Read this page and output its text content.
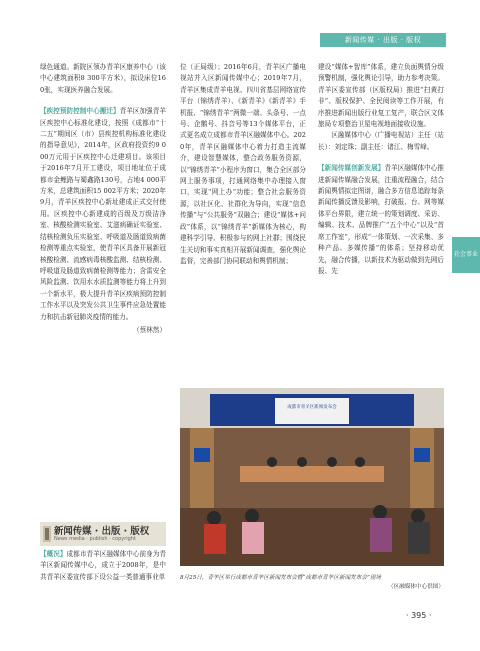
新闻传媒 · 出版 · 版权
社会事业

绿色通道。新院区领办青羊区康养中心（该中心建筑面积8 300平方米），拟设床位160张，实现医养融合发展。

【疾控预防控制中心搬迁】青羊区加强青羊区疾控中心标准化建设，按照《成都市“十二五”期间区（市）县疾控机构标准化建设的指导意见》，2014年，区政府投资约9 000万元用于区疾控中心迁建项目。该项目于2016年7月开工建设，项目地址位于成都市金鲤路与蜀鑫路130号，占地4 000平方米，总建筑面积15 002平方米；2020年9月，青羊区疾控中心新址建成正式交付使用。区疾控中心新建成的百级及万级洁净室、核酸检测实验室、艾滋病确证实验室、结核检测负压实验室、呼吸道及肠道致病菌检测等重点实验室，使青羊区具备开展新冠核酸检测、流感病毒核酸监测、结核检测、呼吸道及肠道致病菌检测等能力；含雷安全风险监测、饮用水水质监测等能力将上升到一个新水平，极大提升青羊区疾病预防控制工作水平以及突发公共卫生事件应急处置能力和抗击新冠肺炎疫情的能力。

（蔡林然）

新闻传媒 · 出版 · 版权
News media · publish · copyright

【概况】成都市青羊区融媒体中心前身为青羊区新闻传媒中心，成立于2008年，是中共青羊区委宣传部下设公益一类普通事业单

位（正局级）；2016年6月，青羊区广播电视站并入区新闻传媒中心；2019年7月，青羊区集成青羊电视、四川省基层网络宣传平台（锦绣青羊）、《新青羊》《新青羊》手机报、“锦绣青羊”两微一端、头条号、一点号、企鹅号、抖音号等13个媒体平台，正式更名成立成都市青羊区融媒体中心。2020年，青羊区融媒体中心着力打造主流媒介，建设智慧媒体，整合政务服务资源，以“锦绣青羊”小程序为窗口，集合全区部分网上服务事项，打通网络集中办理接入窗口，实现“网上办”功能；整合社会服务资源，以社区化、社群化为导向，实现“信息传播”与“公共服务”双融合；建设“媒体+问政”体系，以“锦绣青羊”新媒体为核心，构建科学引导、积极参与的网上社群；围绕民生关切和事实真相开展新闻调查，强化舆论监督，完善部门协同联动和舆情机制；

建设“媒体+智库”体系，建立负面舆情分级预警机制，强化舆论引导，助力参考决策。青羊区委宣传部（区版权局）推进“扫黄打非”、版权保护、全民阅读等工作开展，有序推进新闻出版行业复工复产，联合区文体旅局专项整治卫星电视地面接收设施。

区融媒体中心（广播电视站）主任（站长）：刘定珠；副主任：诸江、梅雪峰。

【新闻传媒创新发展】青羊区融媒体中心推进新闻传媒融合发展，注重流程融合，结合新闻舆情拟定图谱，融合多方信息追踪每条新闻传播反馈及影响，打破报、台、网等媒体平台界限，建立统一的策划调度、采访、编辑、技术、品牌推广“五个中心”以及“首席工作室”，形成“一体策划、一次采集、多种产品、多媒传播”的体系；坚持移动优先，融合传播，以新技术为驱动做到先网后报、先

成都市青羊区新闻发布会
8月25日，青羊区举行成都市青羊区新闻发布会暨“成都市青羊区新闻发布会”现场
（区融媒体中心供图）
· 395 ·
